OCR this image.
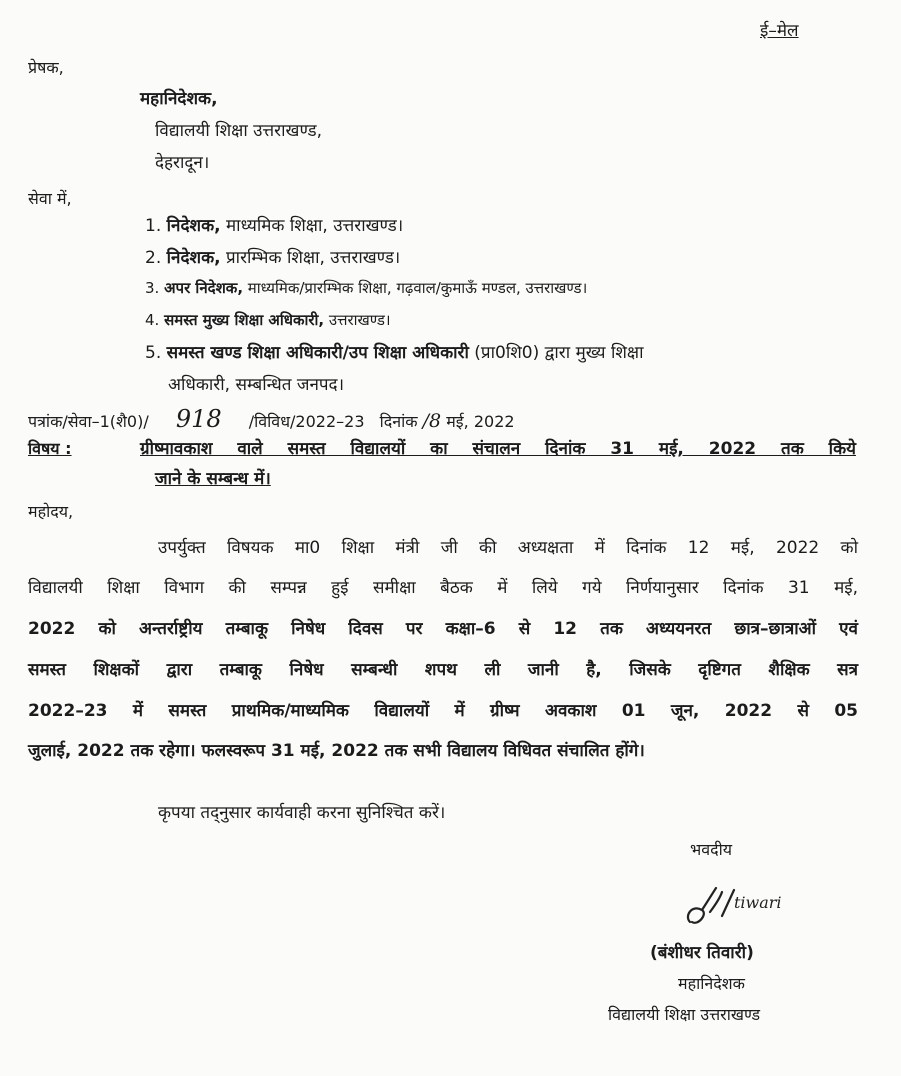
ई–मेल
प्रेषक,
महानिदेशक,
विद्यालयी शिक्षा उत्तराखण्ड,
देहरादून।
सेवा में,
1. निदेशक, माध्यमिक शिक्षा, उत्तराखण्ड।
2. निदेशक, प्रारम्भिक शिक्षा, उत्तराखण्ड।
3. अपर निदेशक, माध्यमिक/प्रारम्भिक शिक्षा, गढ़वाल/कुमाऊँ मण्डल, उत्तराखण्ड।
4. समस्त मुख्य शिक्षा अधिकारी, उत्तराखण्ड।
5. समस्त खण्ड शिक्षा अधिकारी/उप शिक्षा अधिकारी (प्रा0शि0) द्वारा मुख्य शिक्षा
अधिकारी, सम्बन्धित जनपद।
पत्रांक/सेवा–1(शै0)/ 918 /विविध/2022–23 दिनांक /8 मई, 2022
विषय :	ग्रीष्मावकाश वाले समस्त विद्यालयों का संचालन दिनांक 31 मई, 2022 तक किये
जाने के सम्बन्ध में।
महोदय,
उपर्युक्त विषयक मा0 शिक्षा मंत्री जी की अध्यक्षता में दिनांक 12 मई, 2022 को
विद्यालयी शिक्षा विभाग की सम्पन्न हुई समीक्षा बैठक में लिये गये निर्णयानुसार दिनांक 31 मई,
2022 को अन्तर्राष्ट्रीय तम्बाकू निषेध दिवस पर कक्षा–6 से 12 तक अध्ययनरत छात्र–छात्राओं एवं
समस्त शिक्षकों द्वारा तम्बाकू निषेध सम्बन्धी शपथ ली जानी है, जिसके दृष्टिगत शैक्षिक सत्र
2022–23 में समस्त प्राथमिक/माध्यमिक विद्यालयों में ग्रीष्म अवकाश 01 जून, 2022 से 05
जुलाई, 2022 तक रहेगा। फलस्वरूप 31 मई, 2022 तक सभी विद्यालय विधिवत संचालित होंगे।
कृपया तद्नुसार कार्यवाही करना सुनिश्चित करें।
भवदीय
tiwari
(बंशीधर तिवारी)
महानिदेशक
विद्यालयी शिक्षा उत्तराखण्ड
